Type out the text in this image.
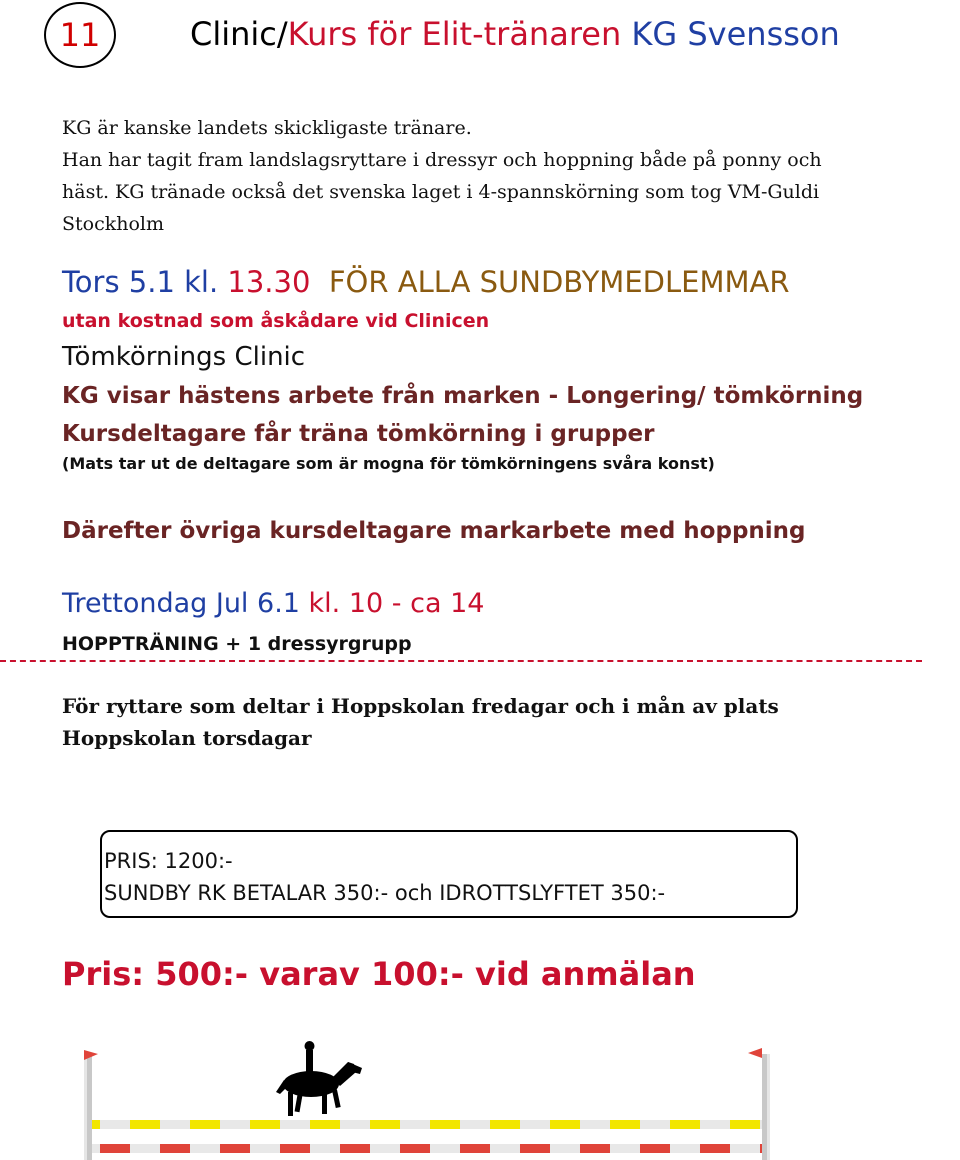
11	Clinic/Kurs för Elit-tränaren KG Svensson
KG är kanske landets skickligaste tränare.
Han har tagit fram landslagsryttare i dressyr och hoppning både på ponny och
häst. KG tränade också det svenska laget i 4-spannskörning som tog VM-Guldi
Stockholm
Tors 5.1 kl. 13.30 FÖR ALLA SUNDBYMEDLEMMAR
utan kostnad som åskådare vid Clinicen
Tömkörnings Clinic
KG visar hästens arbete från marken - Longering/ tömkörning
Kursdeltagare får träna tömkörning i grupper
(Mats tar ut de deltagare som är mogna för tömkörningens svåra konst)
Därefter övriga kursdeltagare markarbete med hoppning
Trettondag Jul 6.1 kl. 10 - ca 14
HOPPTRÄNING + 1 dressyrgrupp
För ryttare som deltar i Hoppskolan fredagar och i mån av plats
Hoppskolan torsdagar
PRIS: 1200:-
SUNDBY RK BETALAR 350:- och IDROTTSLYFTET 350:-
Pris: 500:- varav 100:- vid anmälan
